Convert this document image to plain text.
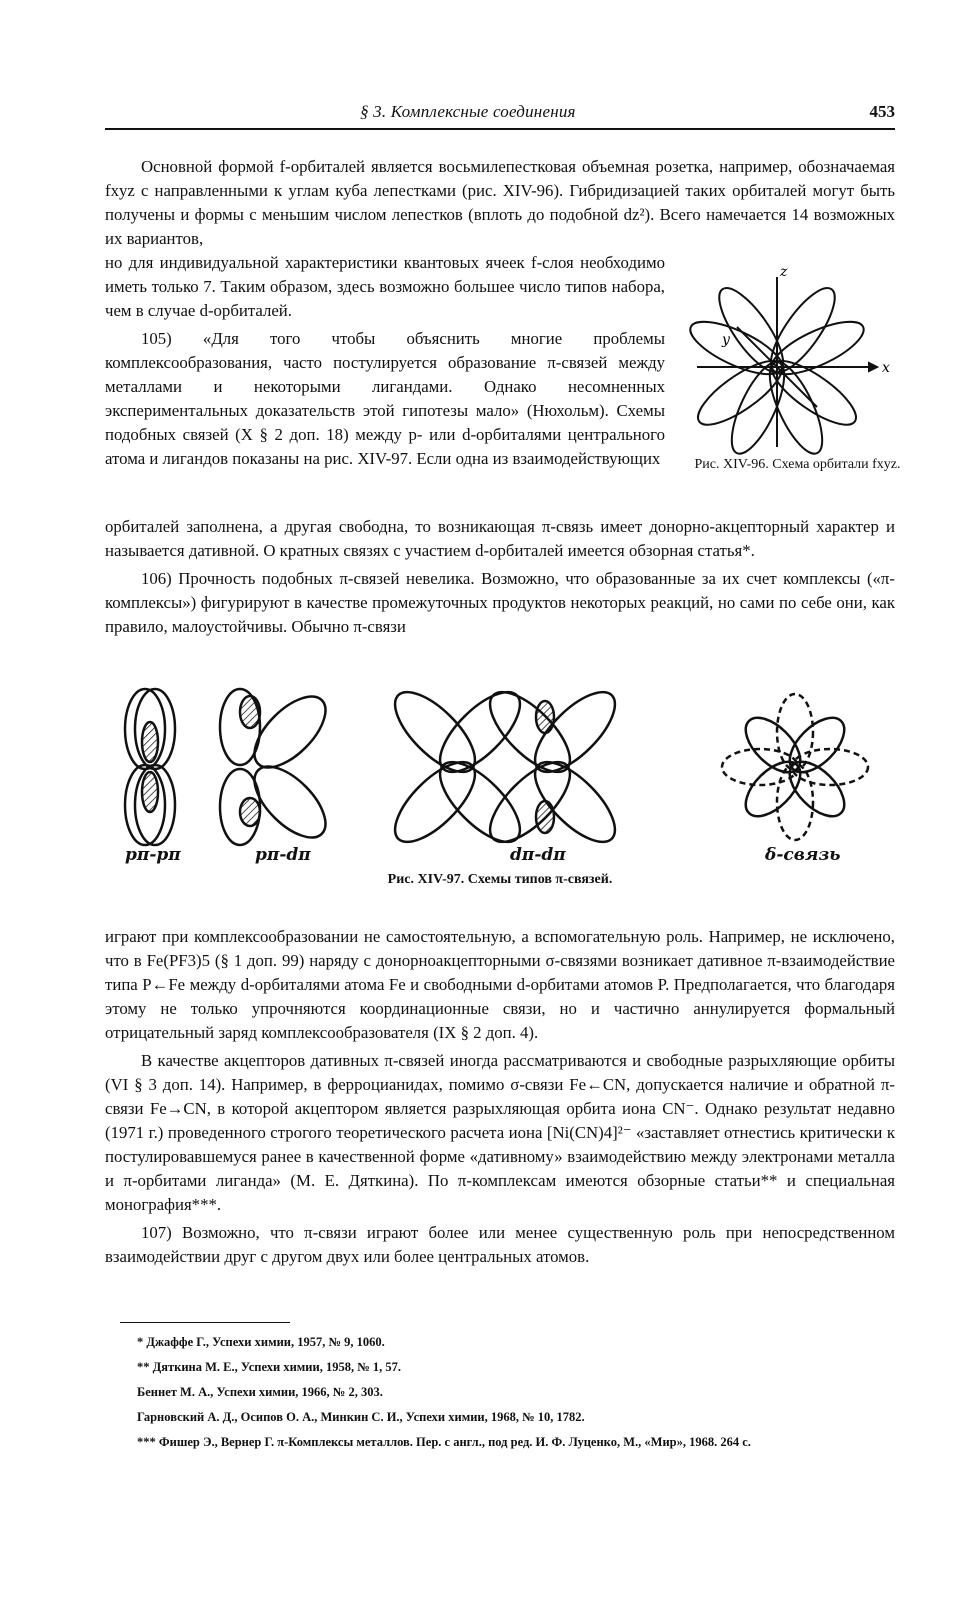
§ 3. Комплексные соединения	453

Основной формой f-орбиталей является восьмилепестковая объемная розетка, например, обозначаемая fxyz с направленными к углам куба лепестками (рис. XIV-96). Гибридизацией таких орбиталей могут быть получены и формы с меньшим числом лепестков (вплоть до подобной dz²). Всего намечается 14 возможных их вариантов,

но для индивидуальной характеристики квантовых ячеек f-слоя необходимо иметь только 7. Таким образом, здесь возможно большее число типов набора, чем в случае d-орбиталей.

105) «Для того чтобы объяснить многие проблемы комплексообразования, часто постулируется образование π-связей между металлами и некоторыми лигандами. Однако несомненных экспериментальных доказательств этой гипотезы мало» (Нюхольм). Схемы подобных связей (X § 2 доп. 18) между p- или d-орбиталями центрального атома и лигандов показаны на рис. XIV-97. Если одна из взаимодействующих

z
y
x
Рис. XIV-96. Схема орбитали fxyz.

орбиталей заполнена, а другая свободна, то возникающая π-связь имеет донорно-акцепторный характер и называется дативной. О кратных связях с участием d-орбиталей имеется обзорная статья*.

106) Прочность подобных π-связей невелика. Возможно, что образованные за их счет комплексы («π-комплексы») фигурируют в качестве промежуточных продуктов некоторых реакций, но сами по себе они, как правило, малоустойчивы. Обычно π-связи

pπ-pπ	pπ-dπ	dπ-dπ	δ-связь
Рис. XIV-97. Схемы типов π-связей.

играют при комплексообразовании не самостоятельную, а вспомогательную роль. Например, не исключено, что в Fe(PF3)5 (§ 1 доп. 99) наряду с донорноакцепторными σ-связями возникает дативное π-взаимодействие типа P←Fe между d-орбиталями атома Fe и свободными d-орбитами атомов P. Предполагается, что благодаря этому не только упрочняются координационные связи, но и частично аннулируется формальный отрицательный заряд комплексообразователя (IX § 2 доп. 4).

В качестве акцепторов дативных π-связей иногда рассматриваются и свободные разрыхляющие орбиты (VI § 3 доп. 14). Например, в ферроцианидах, помимо σ-связи Fe←CN, допускается наличие и обратной π-связи Fe→CN, в которой акцептором является разрыхляющая орбита иона CN⁻. Однако результат недавно (1971 г.) проведенного строгого теоретического расчета иона [Ni(CN)4]²⁻ «заставляет отнестись критически к постулировавшемуся ранее в качественной форме «дативному» взаимодействию между электронами металла и π-орбитами лиганда» (М. Е. Дяткина). По π-комплексам имеются обзорные статьи** и специальная монография***.

107) Возможно, что π-связи играют более или менее существенную роль при непосредственном взаимодействии друг с другом двух или более центральных атомов.

* Джаффе Г., Успехи химии, 1957, № 9, 1060.

** Дяткина М. Е., Успехи химии, 1958, № 1, 57.

Беннет М. А., Успехи химии, 1966, № 2, 303.

Гарновский А. Д., Осипов О. А., Минкин С. И., Успехи химии, 1968, № 10, 1782.

*** Фишер Э., Вернер Г. π-Комплексы металлов. Пер. с англ., под ред. И. Ф. Луценко, М., «Мир», 1968. 264 с.
